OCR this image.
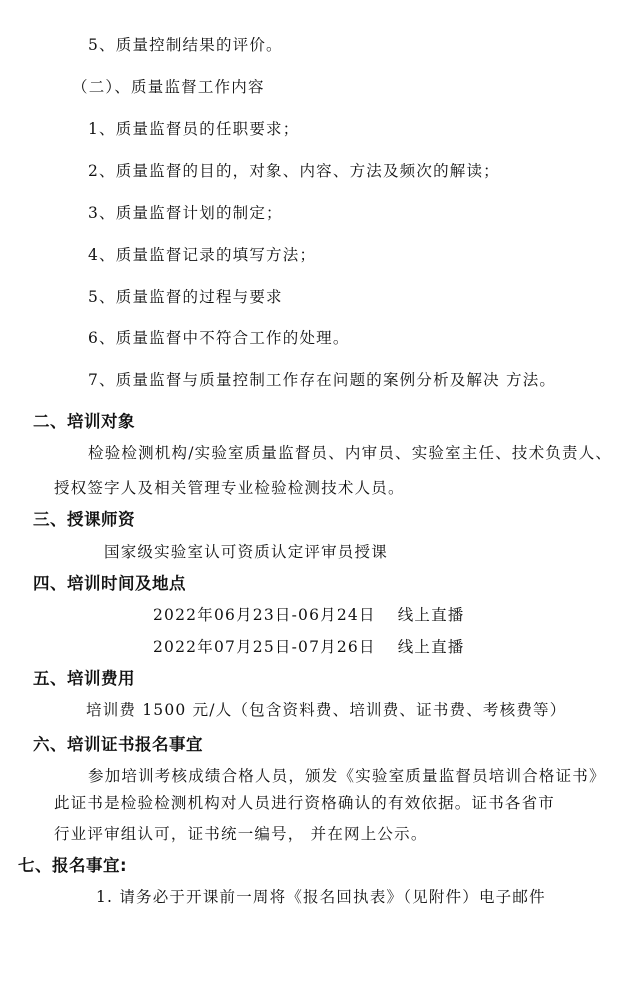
5、质量控制结果的评价。
（二）、质量监督工作内容
1、质量监督员的任职要求；
2、质量监督的目的，对象、内容、方法及频次的解读；
3、质量监督计划的制定；
4、质量监督记录的填写方法；
5、质量监督的过程与要求
6、质量监督中不符合工作的处理。
7、质量监督与质量控制工作存在问题的案例分析及解决 方法。
二、培训对象
检验检测机构/实验室质量监督员、内审员、实验室主任、技术负责人、
授权签字人及相关管理专业检验检测技术人员。
三、授课师资
国家级实验室认可资质认定评审员授课
四、培训时间及地点
2022年06月23日-06月24日 线上直播
2022年07月25日-07月26日 线上直播
五、培训费用
培训费 1500 元/人（包含资料费、培训费、证书费、考核费等）
六、培训证书报名事宜
参加培训考核成绩合格人员，颁发《实验室质量监督员培训合格证书》
此证书是检验检测机构对人员进行资格确认的有效依据。证书各省市
行业评审组认可，证书统一编号， 并在网上公示。
七、报名事宜:
1. 请务必于开课前一周将《报名回执表》（见附件）电子邮件
